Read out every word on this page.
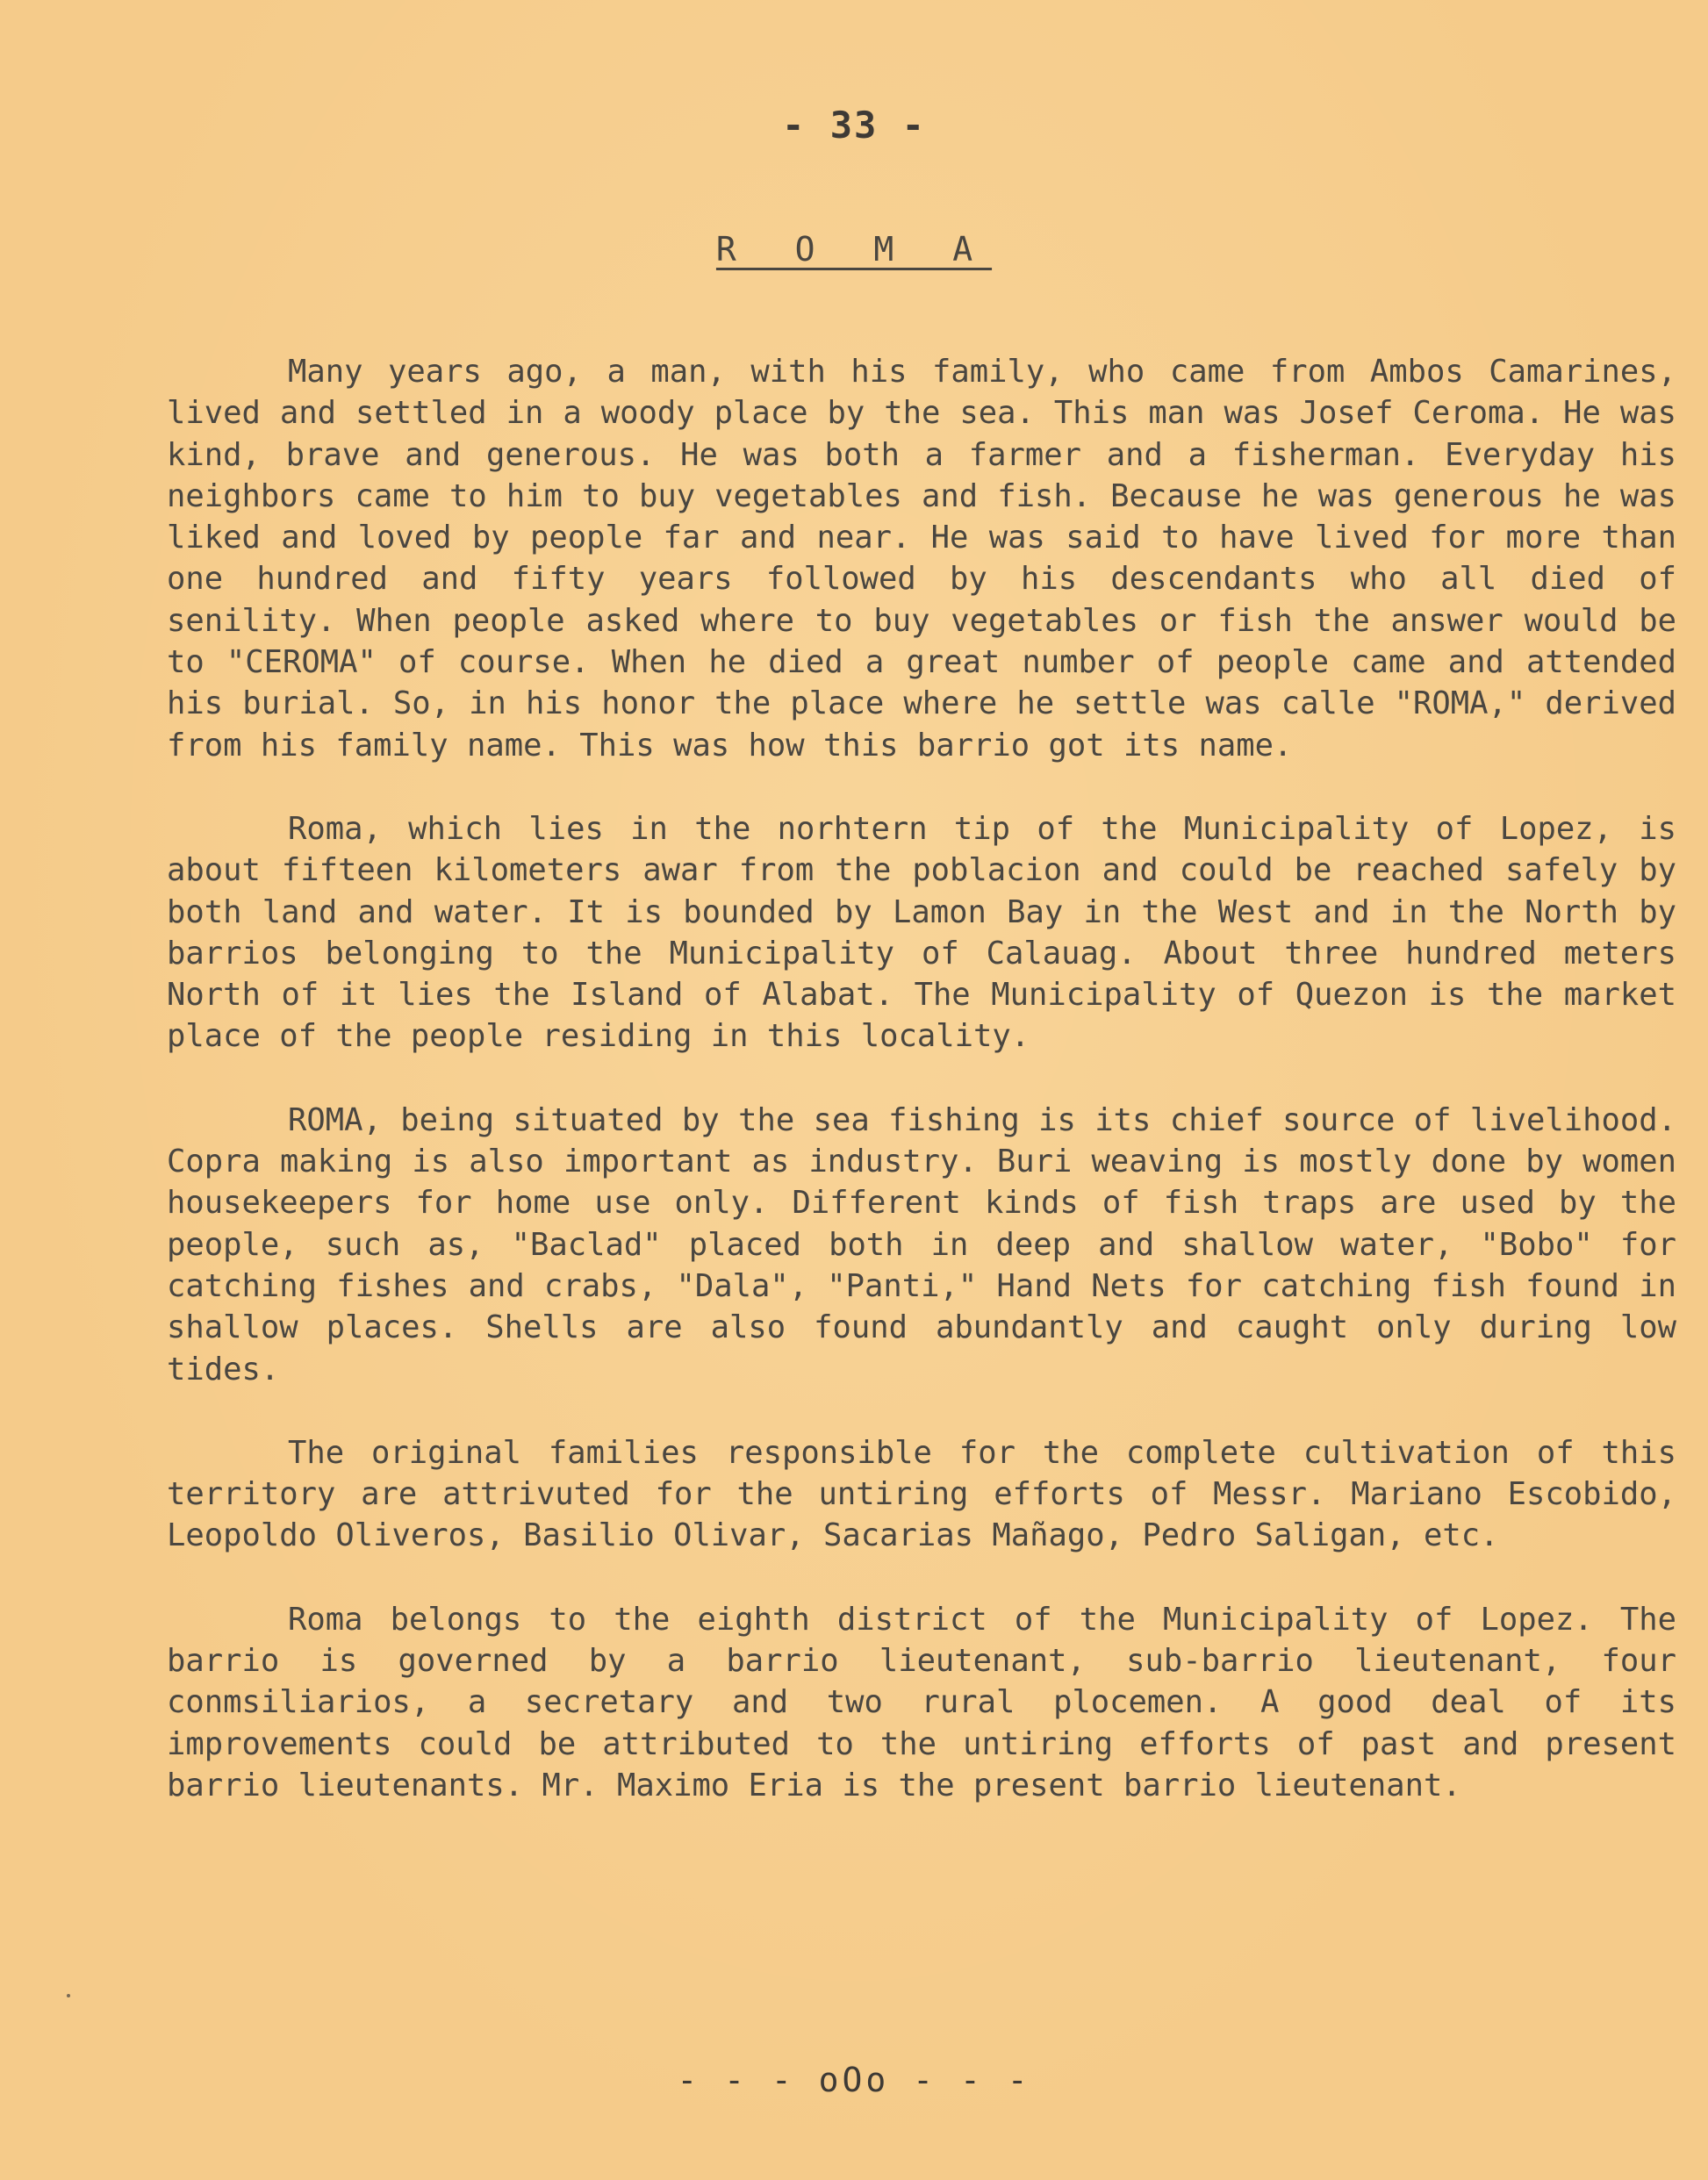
- 33 -
R O M A

Many years ago, a man, with his family, who came from Ambos Camarines, lived and settled in a woody place by the sea. This man was Josef Ceroma. He was kind, brave and generous. He was both a farmer and a fisherman. Everyday his neighbors came to him to buy vegetables and fish. Because he was generous he was liked and loved by people far and near. He was said to have lived for more than one hundred and fifty years followed by his descendants who all died of senility. When people asked where to buy vegetables or fish the answer would be to "CEROMA" of course. When he died a great number of people came and attended his burial. So, in his honor the place where he settle was calle "ROMA," derived from his family name. This was how this barrio got its name.

Roma, which lies in the norhtern tip of the Municipality of Lopez, is about fifteen kilometers awar from the poblacion and could be reached safely by both land and water. It is bounded by Lamon Bay in the West and in the North by barrios belonging to the Municipality of Calauag. About three hundred meters North of it lies the Island of Alabat. The Municipality of Quezon is the market place of the people residing in this locality.

ROMA, being situated by the sea fishing is its chief source of livelihood. Copra making is also important as industry. Buri weaving is mostly done by women housekeepers for home use only. Different kinds of fish traps are used by the people, such as, "Baclad" placed both in deep and shallow water, "Bobo" for catching fishes and crabs, "Dala", "Panti," Hand Nets for catching fish found in shallow places. Shells are also found abundantly and caught only during low tides.

The original families responsible for the complete cultivation of this territory are attrivuted for the untiring efforts of Messr. Mariano Escobido, Leopoldo Oliveros, Basilio Olivar, Sacarias Mañago, Pedro Saligan, etc.

Roma belongs to the eighth district of the Municipality of Lopez. The barrio is governed by a barrio lieutenant, sub-barrio lieutenant, four conmsiliarios, a secretary and two rural plocemen. A good deal of its improvements could be attributed to the untiring efforts of past and present barrio lieutenants. Mr. Maximo Eria is the present barrio lieutenant.

- - - oOo - - -
